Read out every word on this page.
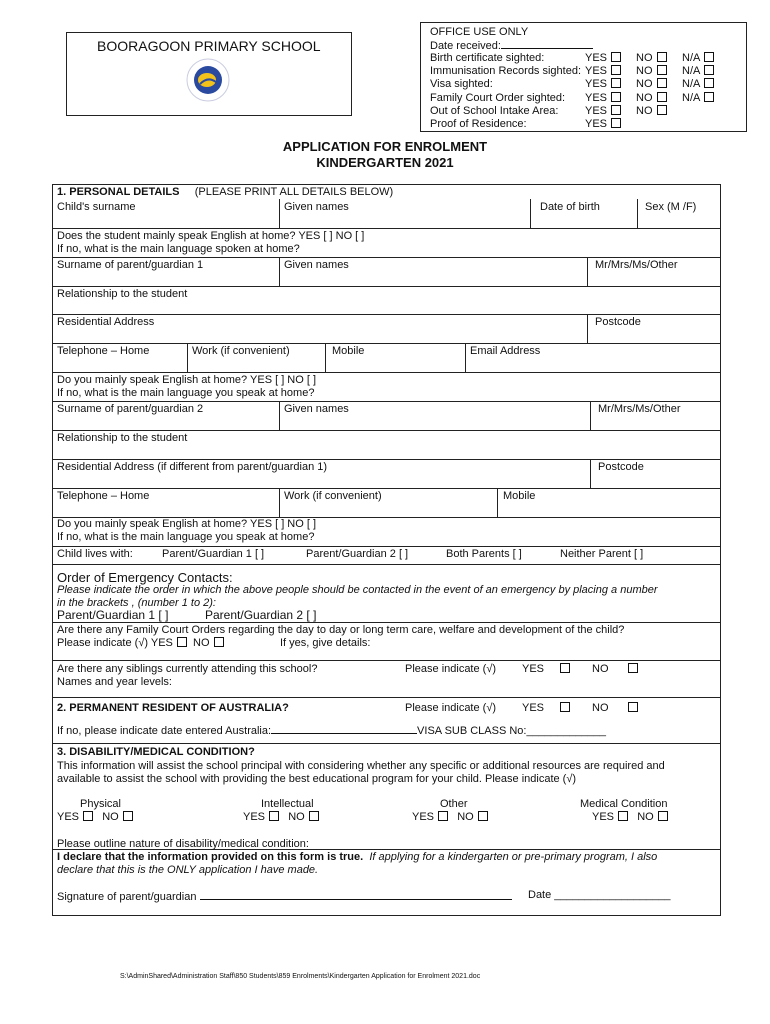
BOORAGOON PRIMARY SCHOOL
OFFICE USE ONLY
Date received:
Birth certificate sighted:	YES	NO	N/A
Immunisation Records sighted: YES	NO	N/A
Visa sighted:	YES	NO	N/A
Family Court Order sighted: YES	NO	N/A
Out of School Intake Area: YES	NO
Proof of Residence:	YES
APPLICATION FOR ENROLMENT
KINDERGARTEN 2021
1. PERSONAL DETAILS (PLEASE PRINT ALL DETAILS BELOW)
Child's surname	Given names	Date of birth	Sex (M /F)
Does the student mainly speak English at home? YES [ ] NO [ ]
If no, what is the main language spoken at home?
Surname of parent/guardian 1	Given names	Mr/Mrs/Ms/Other
Relationship to the student
Residential Address	Postcode
Telephone – Home	Work (if convenient)	Mobile	Email Address
Do you mainly speak English at home? YES [ ] NO [ ]
If no, what is the main language you speak at home?
Surname of parent/guardian 2	Given names	Mr/Mrs/Ms/Other
Relationship to the student
Residential Address (if different from parent/guardian 1)	Postcode
Telephone – Home	Work (if convenient)	Mobile
Do you mainly speak English at home? YES [ ] NO [ ]
If no, what is the main language you speak at home?
Child lives with:	Parent/Guardian 1 [ ]	Parent/Guardian 2 [ ]	Both Parents [ ]	Neither Parent [ ]
Order of Emergency Contacts:
Please indicate the order in which the above people should be contacted in the event of an emergency by placing a number
in the brackets , (number 1 to 2):
Parent/Guardian 1 [ ]	Parent/Guardian 2 [ ]
Are there any Family Court Orders regarding the day to day or long term care, welfare and development of the child?
Please indicate (√) YES NO	If yes, give details:
Are there any siblings currently attending this school?	Please indicate (√) YES	NO
Names and year levels:
2. PERMANENT RESIDENT OF AUSTRALIA?	Please indicate (√) YES	NO
If no, please indicate date entered Australia:	VISA SUB CLASS No:_____________
3. DISABILITY/MEDICAL CONDITION?
This information will assist the school principal with considering whether any specific or additional resources are required and
available to assist the school with providing the best educational program for your child. Please indicate (√)
Physical	Intellectual	Other	Medical Condition
YES NO	YES NO	YES NO	YES NO
Please outline nature of disability/medical condition:
I declare that the information provided on this form is true. If applying for a kindergarten or pre-primary program, I also
declare that this is the ONLY application I have made.
Signature of parent/guardian	Date ___________________
S:\AdminShared\Administration Staff\850 Students\859 Enrolments\Kindergarten Application for Enrolment 2021.doc
